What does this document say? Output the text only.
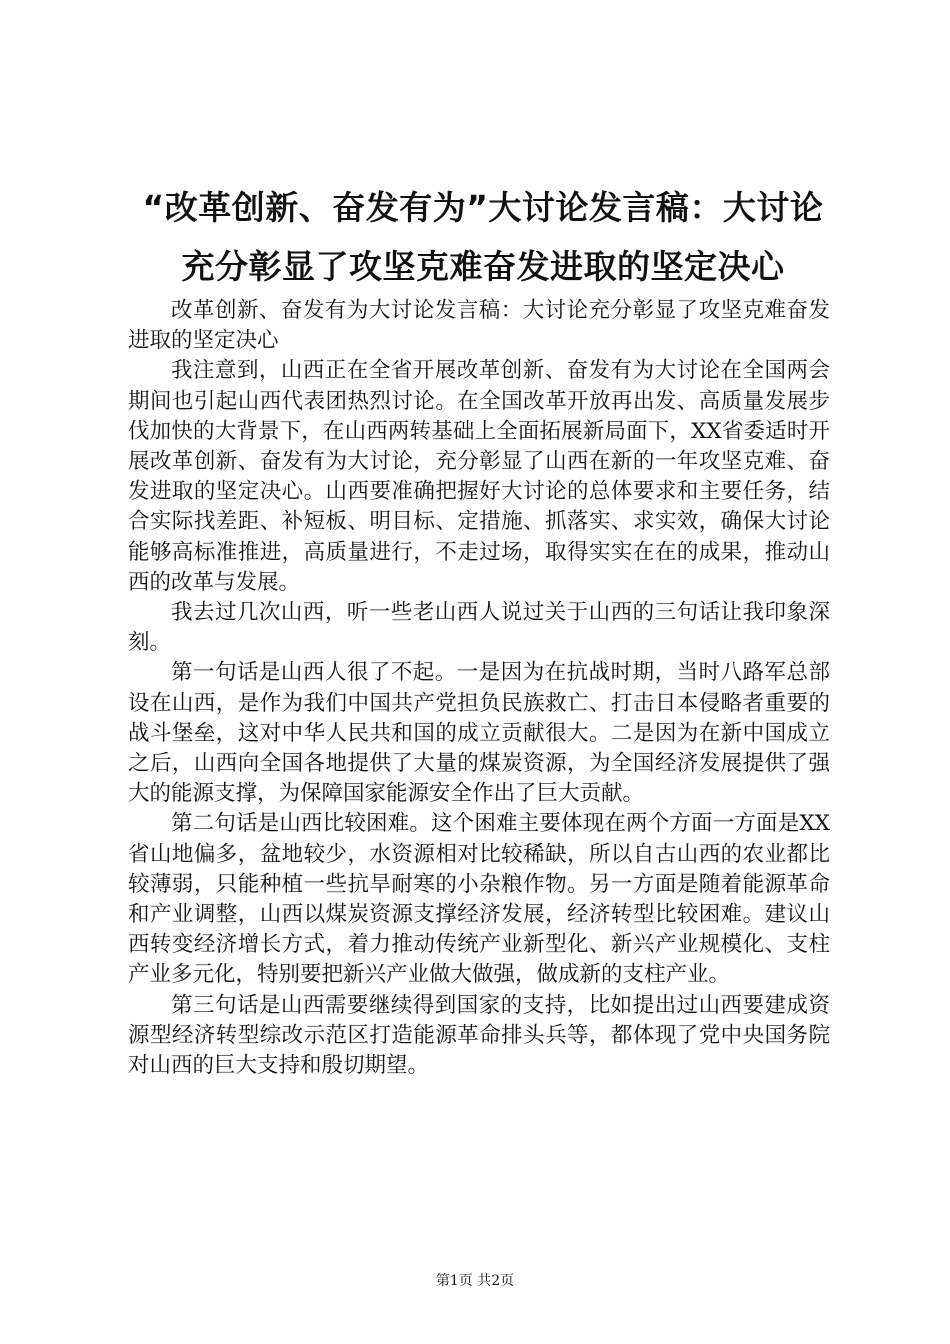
“改革创新、奋发有为”大讨论发言稿：大讨论充分彰显了攻坚克难奋发进取的坚定决心

改革创新、奋发有为大讨论发言稿：大讨论充分彰显了攻坚克难奋发进取的坚定决心

我注意到，山西正在全省开展改革创新、奋发有为大讨论在全国两会期间也引起山西代表团热烈讨论。在全国改革开放再出发、高质量发展步伐加快的大背景下，在山西两转基础上全面拓展新局面下，XX省委适时开展改革创新、奋发有为大讨论，充分彰显了山西在新的一年攻坚克难、奋发进取的坚定决心。山西要准确把握好大讨论的总体要求和主要任务，结合实际找差距、补短板、明目标、定措施、抓落实、求实效，确保大讨论能够高标准推进，高质量进行，不走过场，取得实实在在的成果，推动山西的改革与发展。

我去过几次山西，听一些老山西人说过关于山西的三句话让我印象深刻。

第一句话是山西人很了不起。一是因为在抗战时期，当时八路军总部设在山西，是作为我们中国共产党担负民族救亡、打击日本侵略者重要的战斗堡垒，这对中华人民共和国的成立贡献很大。二是因为在新中国成立之后，山西向全国各地提供了大量的煤炭资源，为全国经济发展提供了强大的能源支撑，为保障国家能源安全作出了巨大贡献。

第二句话是山西比较困难。这个困难主要体现在两个方面一方面是XX省山地偏多，盆地较少，水资源相对比较稀缺，所以自古山西的农业都比较薄弱，只能种植一些抗旱耐寒的小杂粮作物。另一方面是随着能源革命和产业调整，山西以煤炭资源支撑经济发展，经济转型比较困难。建议山西转变经济增长方式，着力推动传统产业新型化、新兴产业规模化、支柱产业多元化，特别要把新兴产业做大做强，做成新的支柱产业。

第三句话是山西需要继续得到国家的支持，比如提出过山西要建成资源型经济转型综改示范区打造能源革命排头兵等，都体现了党中央国务院对山西的巨大支持和殷切期望。

第1页 共2页
